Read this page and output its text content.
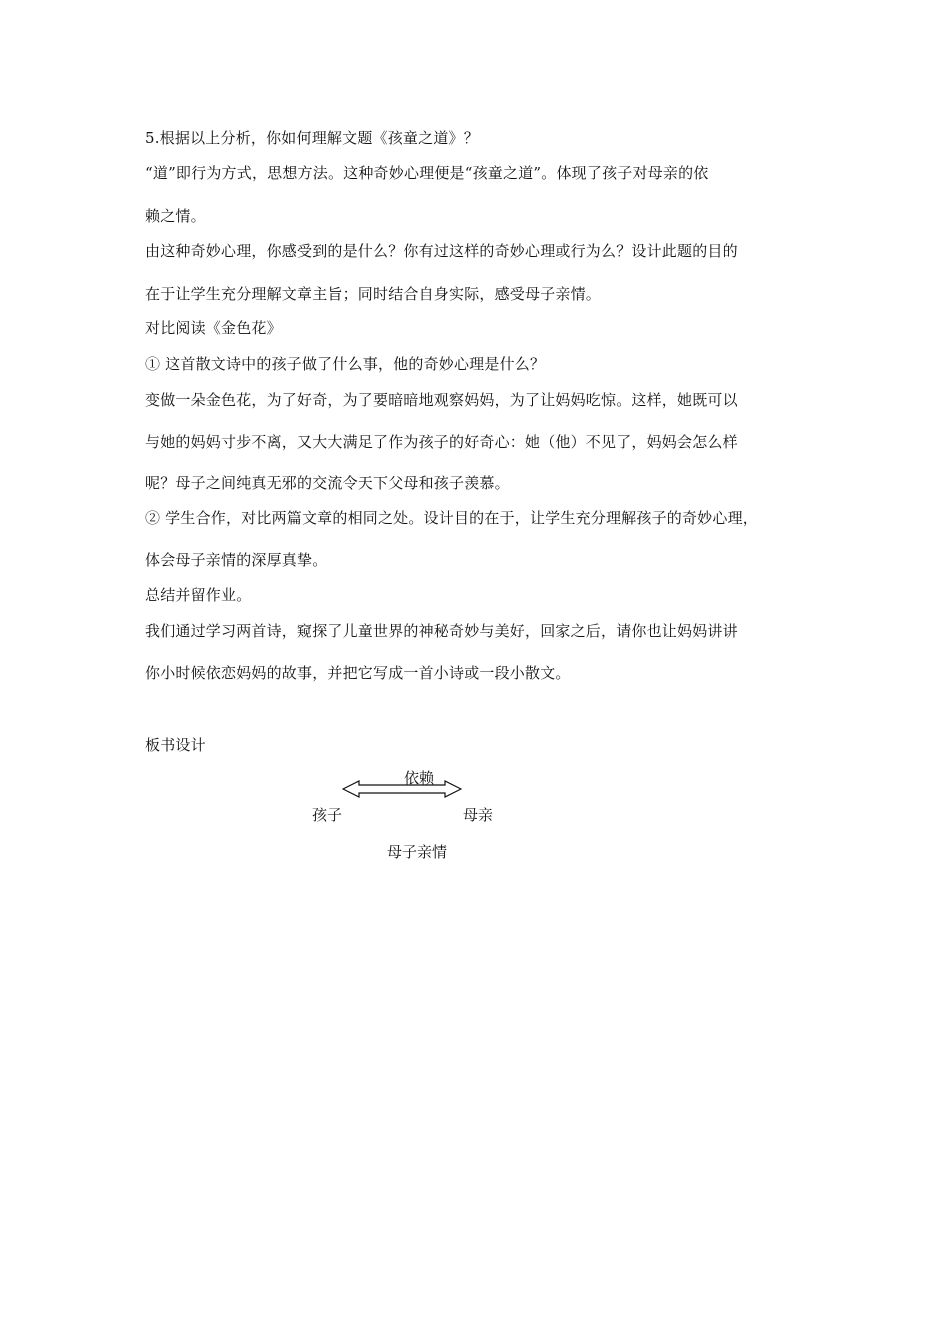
5.根据以上分析，你如何理解文题《孩童之道》？
“道”即行为方式，思想方法。这种奇妙心理便是“孩童之道”。体现了孩子对母亲的依
赖之情。
由这种奇妙心理，你感受到的是什么？你有过这样的奇妙心理或行为么？设计此题的目的
在于让学生充分理解文章主旨；同时结合自身实际，感受母子亲情。
对比阅读《金色花》
① 这首散文诗中的孩子做了什么事，他的奇妙心理是什么？
变做一朵金色花，为了好奇，为了要暗暗地观察妈妈，为了让妈妈吃惊。这样，她既可以
与她的妈妈寸步不离，又大大满足了作为孩子的好奇心：她（他）不见了，妈妈会怎么样
呢？母子之间纯真无邪的交流令天下父母和孩子羡慕。
② 学生合作，对比两篇文章的相同之处。设计目的在于，让学生充分理解孩子的奇妙心理，
体会母子亲情的深厚真挚。
总结并留作业。
我们通过学习两首诗，窥探了儿童世界的神秘奇妙与美好，回家之后，请你也让妈妈讲讲
你小时候依恋妈妈的故事，并把它写成一首小诗或一段小散文。
板书设计
依赖
孩子	母亲
母子亲情
